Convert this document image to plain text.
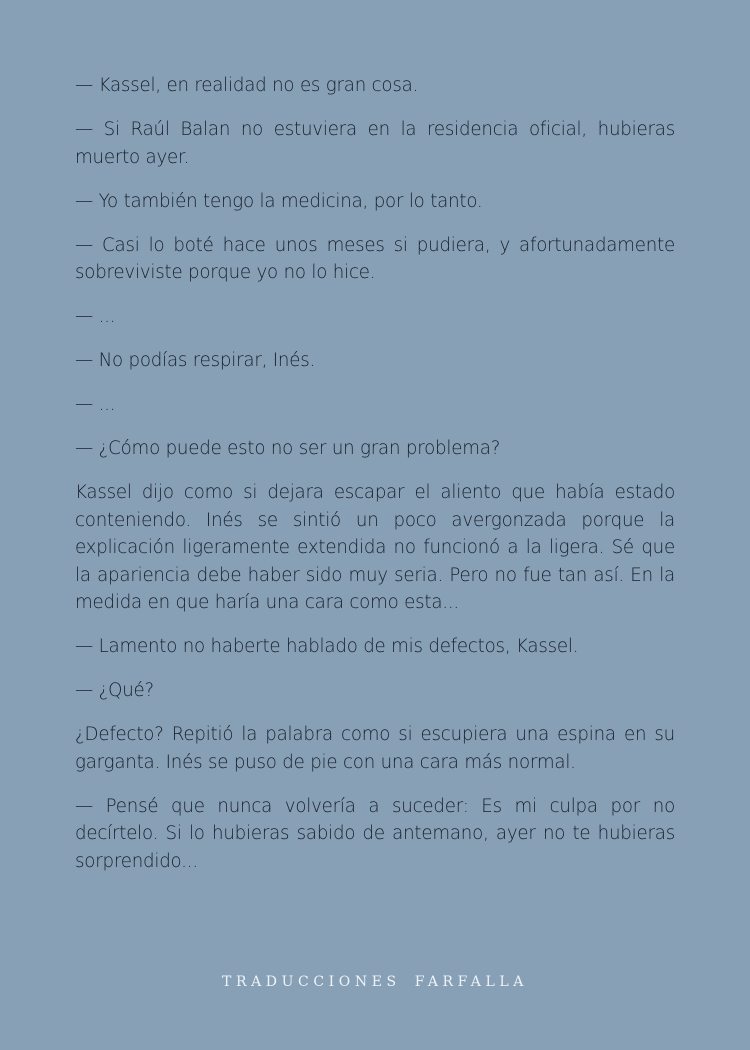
— Kassel, en realidad no es gran cosa.

— Si Raúl Balan no estuviera en la residencia oficial, hubieras muerto ayer.

— Yo también tengo la medicina, por lo tanto.

— Casi lo boté hace unos meses si pudiera, y afortunadamente sobreviviste porque yo no lo hice.

— ...

— No podías respirar, Inés.

— ...

— ¿Cómo puede esto no ser un gran problema?

Kassel dijo como si dejara escapar el aliento que había estado conteniendo. Inés se sintió un poco avergonzada porque la explicación ligeramente extendida no funcionó a la ligera. Sé que la apariencia debe haber sido muy seria. Pero no fue tan así. En la medida en que haría una cara como esta...

— Lamento no haberte hablado de mis defectos, Kassel.

— ¿Qué?

¿Defecto? Repitió la palabra como si escupiera una espina en su garganta. Inés se puso de pie con una cara más normal.

— Pensé que nunca volvería a suceder: Es mi culpa por no decírtelo. Si lo hubieras sabido de antemano, ayer no te hubieras sorprendido...

TRADUCCIONES FARFALLA
